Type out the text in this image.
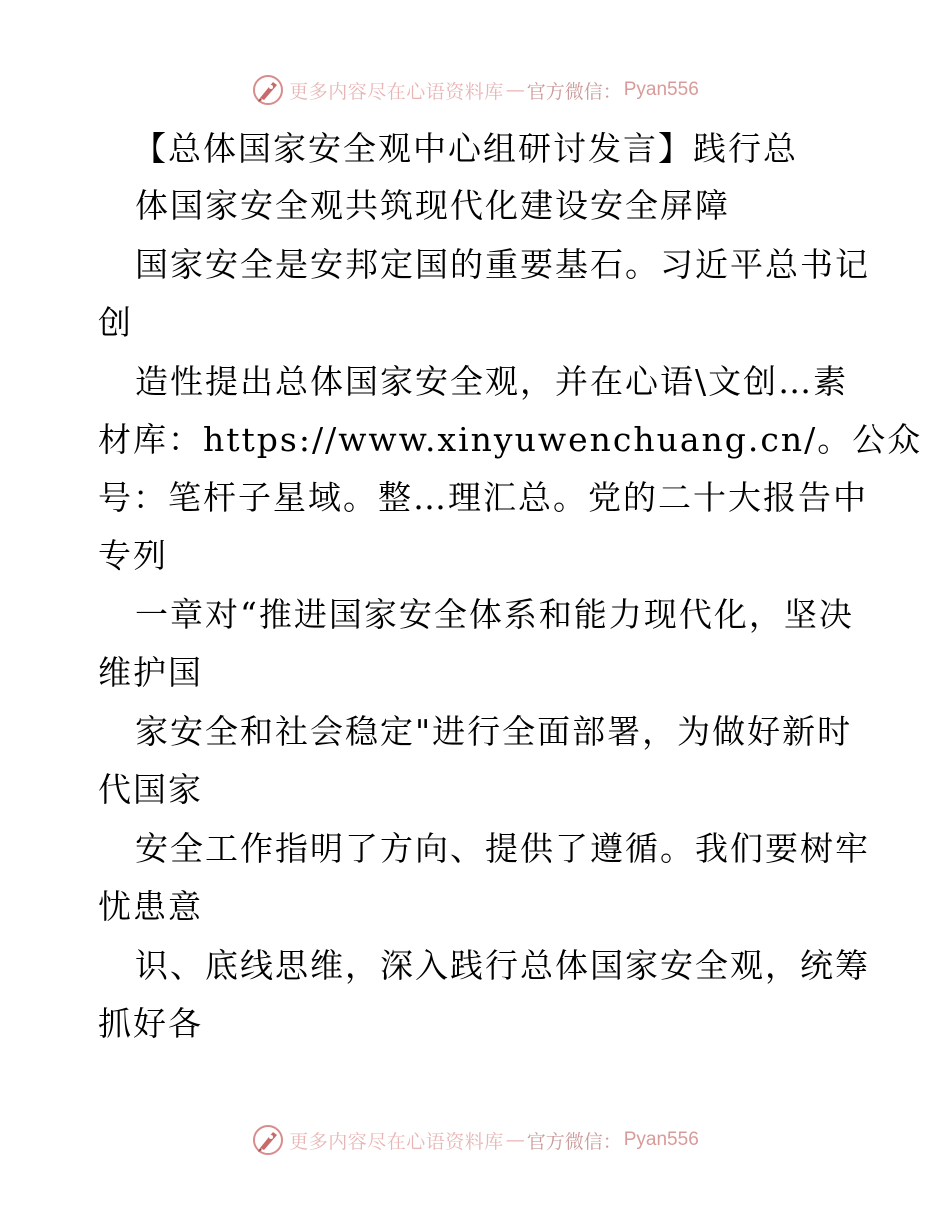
更多内容尽在心语资料库 — 官方微信： Pyan556
【总体国家安全观中心组研讨发言】践行总
体国家安全观共筑现代化建设安全屏障
国家安全是安邦定国的重要基石。习近平总书记
创
造性提出总体国家安全观，并在心语\文创…素
材库：https://www.xinyuwenchuang.cn/。公众
号：笔杆子星域。整…理汇总。党的二十大报告中
专列
一章对“推进国家安全体系和能力现代化，坚决
维护国
家安全和社会稳定"进行全面部署，为做好新时
代国家
安全工作指明了方向、提供了遵循。我们要树牢
忧患意
识、底线思维，深入践行总体国家安全观，统筹
抓好各
更多内容尽在心语资料库 — 官方微信： Pyan556
